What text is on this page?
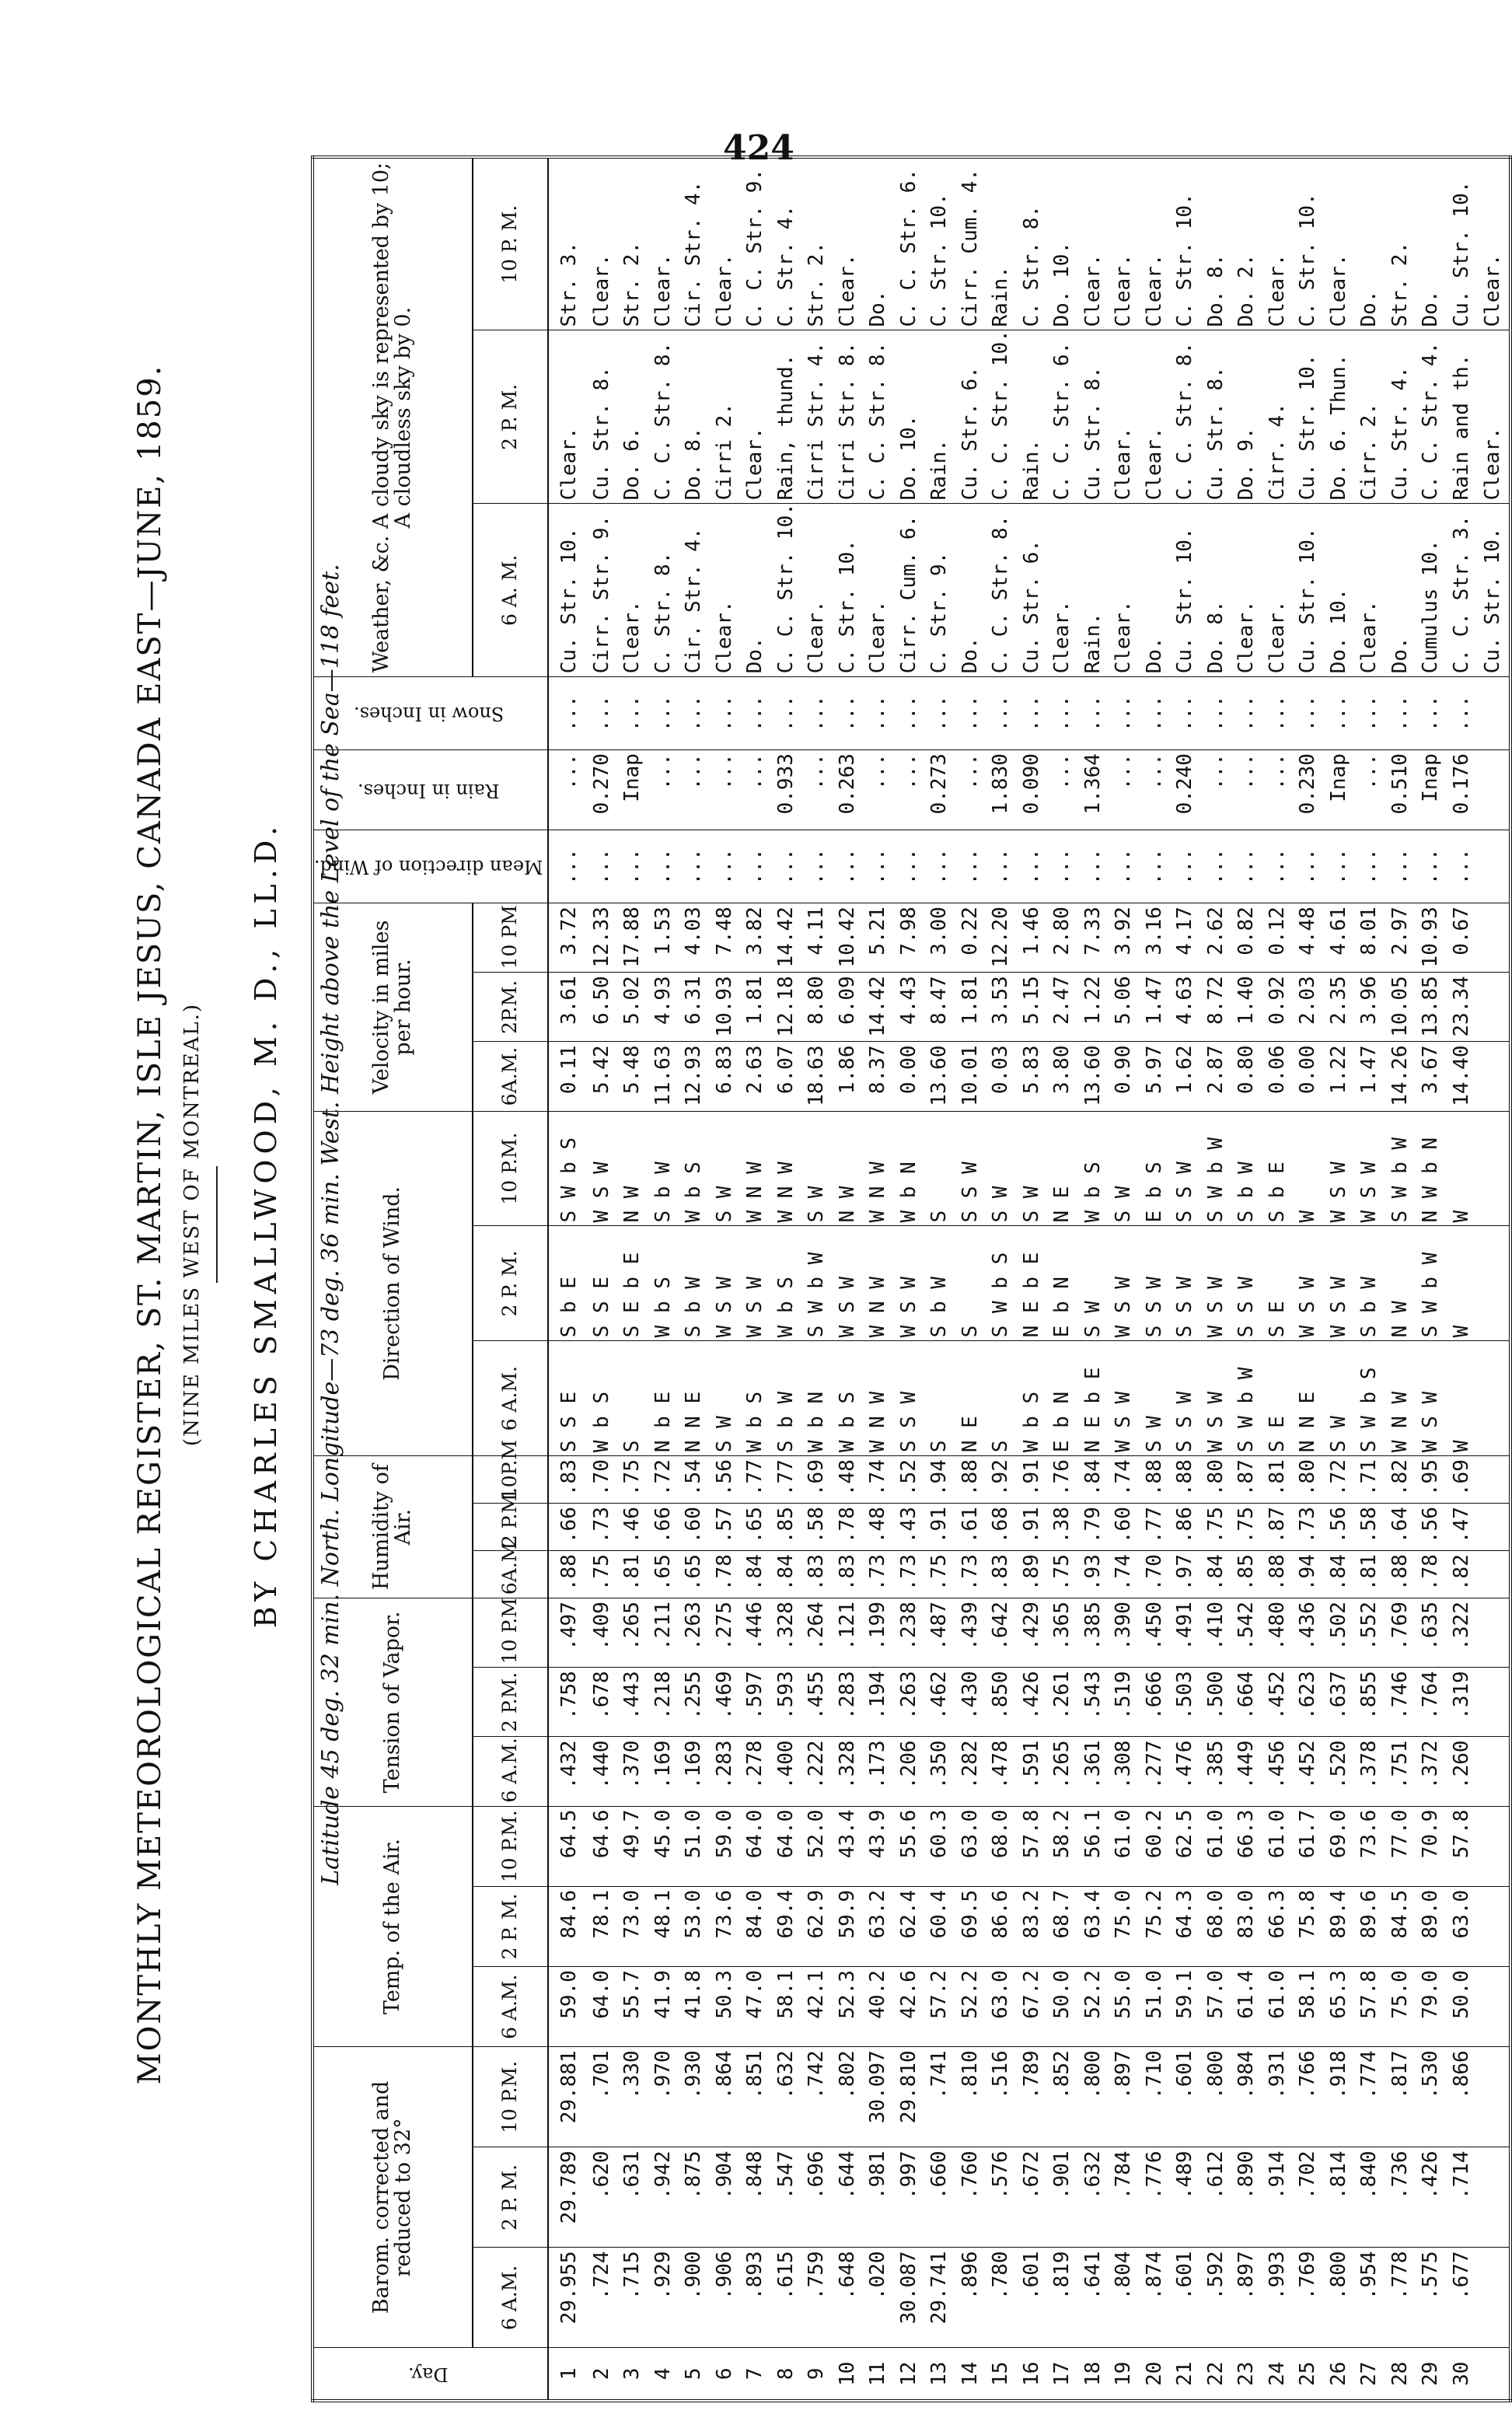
424
MONTHLY METEOROLOGICAL REGISTER, ST. MARTIN, ISLE JESUS, CANADA EAST—JUNE, 1859. (NINE MILES WEST OF MONTREAL.) BY CHARLES SMALLWOOD, M. D., LL.D. Latitude 45 deg. 32 min. North. Longitude—73 deg. 36 min. West. Height above the Level of the Sea—118 feet.
Day.	Barom. corrected and reduced to 32°			Temp. of the Air.			Tension of Vapor.			Humidity of Air.			Direction of Wind.			Velocity in miles per hour.			Mean direction of Wind.	Rain in Inches.	Snow in Inches.	Weather, &c. A cloudy sky is represented by 10; A cloudless sky by 0.		
	6 A.M.	2 P. M.	10 P.M.	6 A.M.	2 P. M.	10 P.M.	6 A.M.	2 P.M.	10 P.M	6A.M	2 P.M.	10P.M	6 A.M.	2 P. M.	10 P.M.	6A.M.	2P.M.	10 PM				6 A. M.	2 P. M.	10 P. M.
1	29.955	29.789	29.881	59.0	84.6	64.5	.432	.758	.497	.88	.66	.83	S S E	S b E	S W b S	0.11	3.61	3.72	...	...	...	Cu. Str. 10.	Clear.	Str. 3.
2	.724	.620	.701	64.0	78.1	64.6	.440	.678	.409	.75	.73	.70	W b S	S S E	W S W	5.42	6.50	12.33	...	0.270	...	Cirr. Str. 9.	Cu. Str. 8.	Clear.
3	.715	.631	.330	55.7	73.0	49.7	.370	.443	.265	.81	.46	.75	S	S E b E	N W	5.48	5.02	17.88	...	Inap	...	Clear.	Do. 6.	Str. 2.
4	.929	.942	.970	41.9	48.1	45.0	.169	.218	.211	.65	.66	.72	N b E	W b S	S b W	11.63	4.93	1.53	...	...	...	C. Str. 8.	C. C. Str. 8.	Clear.
5	.900	.875	.930	41.8	53.0	51.0	.169	.255	.263	.65	.60	.54	N N E	S b W	W b S	12.93	6.31	4.03	...	...	...	Cir. Str. 4.	Do. 8.	Cir. Str. 4.
6	.906	.904	.864	50.3	73.6	59.0	.283	.469	.275	.78	.57	.56	S W	W S W	S W	6.83	10.93	7.48	...	...	...	Clear.	Cirri 2.	Clear.
7	.893	.848	.851	47.0	84.0	64.0	.278	.597	.446	.84	.65	.77	W b S	W S W	W N W	2.63	1.81	3.82	...	...	...	Do.	Clear.	C. C. Str. 9.
8	.615	.547	.632	58.1	69.4	64.0	.400	.593	.328	.84	.85	.77	S b W	W b S	W N W	6.07	12.18	14.42	...	0.933	...	C. C. Str. 10.	Rain, thund.	C. Str. 4.
9	.759	.696	.742	42.1	62.9	52.0	.222	.455	.264	.83	.58	.69	W b N	S W b W	S W	18.63	8.80	4.11	...	...	...	Clear.	Cirri Str. 4.	Str. 2.
10	.648	.644	.802	52.3	59.9	43.4	.328	.283	.121	.83	.78	.48	W b S	W S W	N W	1.86	6.09	10.42	...	0.263	...	C. Str. 10.	Cirri Str. 8.	Clear.
11	.020	.981	30.097	40.2	63.2	43.9	.173	.194	.199	.73	.48	.74	W N W	W N W	W N W	8.37	14.42	5.21	...	...	...	Clear.	C. C. Str. 8.	Do.
12	30.087	.997	29.810	42.6	62.4	55.6	.206	.263	.238	.73	.43	.52	S S W	W S W	W b N	0.00	4.43	7.98	...	...	...	Cirr. Cum. 6.	Do. 10.	C. C. Str. 6.
13	29.741	.660	.741	57.2	60.4	60.3	.350	.462	.487	.75	.91	.94	S	S b W	S	13.60	8.47	3.00	...	0.273	...	C. Str. 9.	Rain.	C. Str. 10.
14	.896	.760	.810	52.2	69.5	63.0	.282	.430	.439	.73	.61	.88	N E	S	S S W	10.01	1.81	0.22	...	...	...	Do.	Cu. Str. 6.	Cirr. Cum. 4.
15	.780	.576	.516	63.0	86.6	68.0	.478	.850	.642	.83	.68	.92	S	S W b S	S W	0.03	3.53	12.20	...	1.830	...	C. C. Str. 8.	C. C. Str. 10.	Rain.
16	.601	.672	.789	67.2	83.2	57.8	.591	.426	.429	.89	.91	.91	W b S	N E b E	S W	5.83	5.15	1.46	...	0.090	...	Cu. Str. 6.	Rain.	C. Str. 8.
17	.819	.901	.852	50.0	68.7	58.2	.265	.261	.365	.75	.38	.76	E b N	E b N	N E	3.80	2.47	2.80	...	...	...	Clear.	C. C. Str. 6.	Do. 10.
18	.641	.632	.800	52.2	63.4	56.1	.361	.543	.385	.93	.79	.84	N E b E	S W	W b S	13.60	1.22	7.33	...	1.364	...	Rain.	Cu. Str. 8.	Clear.
19	.804	.784	.897	55.0	75.0	61.0	.308	.519	.390	.74	.60	.74	W S W	W S W	S W	0.90	5.06	3.92	...	...	...	Clear.	Clear.	Clear.
20	.874	.776	.710	51.0	75.2	60.2	.277	.666	.450	.70	.77	.88	S W	S S W	E b S	5.97	1.47	3.16	...	...	...	Do.	Clear.	Clear.
21	.601	.489	.601	59.1	64.3	62.5	.476	.503	.491	.97	.86	.88	S S W	S S W	S S W	1.62	4.63	4.17	...	0.240	...	Cu. Str. 10.	C. C. Str. 8.	C. Str. 10.
22	.592	.612	.800	57.0	68.0	61.0	.385	.500	.410	.84	.75	.80	W S W	W S W	S W b W	2.87	8.72	2.62	...	...	...	Do. 8.	Cu. Str. 8.	Do. 8.
23	.897	.890	.984	61.4	83.0	66.3	.449	.664	.542	.85	.75	.87	S W b W	S S W	S b W	0.80	1.40	0.82	...	...	...	Clear.	Do. 9.	Do. 2.
24	.993	.914	.931	61.0	66.3	61.0	.456	.452	.480	.88	.87	.81	S E	S E	S b E	0.06	0.92	0.12	...	...	...	Clear.	Cirr. 4.	Clear.
25	.769	.702	.766	58.1	75.8	61.7	.452	.623	.436	.94	.73	.80	N N E	W S W	W	0.00	2.03	4.48	...	0.230	...	Cu. Str. 10.	Cu. Str. 10.	C. Str. 10.
26	.800	.814	.918	65.3	89.4	69.0	.520	.637	.502	.84	.56	.72	S W	W S W	W S W	1.22	2.35	4.61	...	Inap	...	Do. 10.	Do. 6. Thun.	Clear.
27	.954	.840	.774	57.8	89.6	73.6	.378	.855	.552	.81	.58	.71	S W b S	S b W	W S W	1.47	3.96	8.01	...	...	...	Clear.	Cirr. 2.	Do.
28	.778	.736	.817	75.0	84.5	77.0	.751	.746	.769	.88	.64	.82	W N W	N W	S W b W	14.26	10.05	2.97	...	0.510	...	Do.	Cu. Str. 4.	Str. 2.
29	.575	.426	.530	79.0	89.0	70.9	.372	.764	.635	.78	.56	.95	W S W	S W b W	N W b N	3.67	13.85	10.93	...	Inap	...	Cumulus 10.	C. C. Str. 4.	Do.
30	.677	.714	.866	50.0	63.0	57.8	.260	.319	.322	.82	.47	.69	W	W	W	14.40	23.34	0.67	...	0.176	...	C. C. Str. 3.	Rain and th.	Cu. Str. 10.
																						Cu. Str. 10.	Clear.	Clear.
